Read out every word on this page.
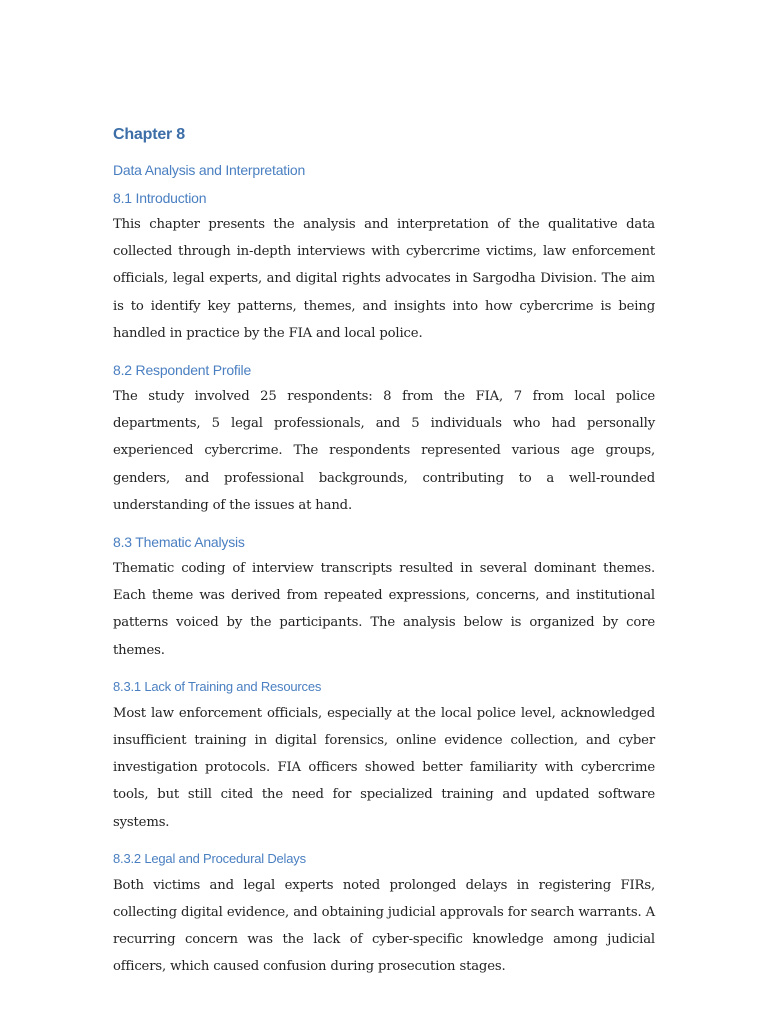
Chapter 8
Data Analysis and Interpretation
8.1 Introduction

This chapter presents the analysis and interpretation of the qualitative data collected through in-depth interviews with cybercrime victims, law enforcement officials, legal experts, and digital rights advocates in Sargodha Division. The aim is to identify key patterns, themes, and insights into how cybercrime is being handled in practice by the FIA and local police.

8.2 Respondent Profile

The study involved 25 respondents: 8 from the FIA, 7 from local police departments, 5 legal professionals, and 5 individuals who had personally experienced cybercrime. The respondents represented various age groups, genders, and professional backgrounds, contributing to a well-rounded understanding of the issues at hand.

8.3 Thematic Analysis

Thematic coding of interview transcripts resulted in several dominant themes. Each theme was derived from repeated expressions, concerns, and institutional patterns voiced by the participants. The analysis below is organized by core themes.

8.3.1 Lack of Training and Resources

Most law enforcement officials, especially at the local police level, acknowledged insufficient training in digital forensics, online evidence collection, and cyber investigation protocols. FIA officers showed better familiarity with cybercrime tools, but still cited the need for specialized training and updated software systems.

8.3.2 Legal and Procedural Delays

Both victims and legal experts noted prolonged delays in registering FIRs, collecting digital evidence, and obtaining judicial approvals for search warrants. A recurring concern was the lack of cyber-specific knowledge among judicial officers, which caused confusion during prosecution stages.
